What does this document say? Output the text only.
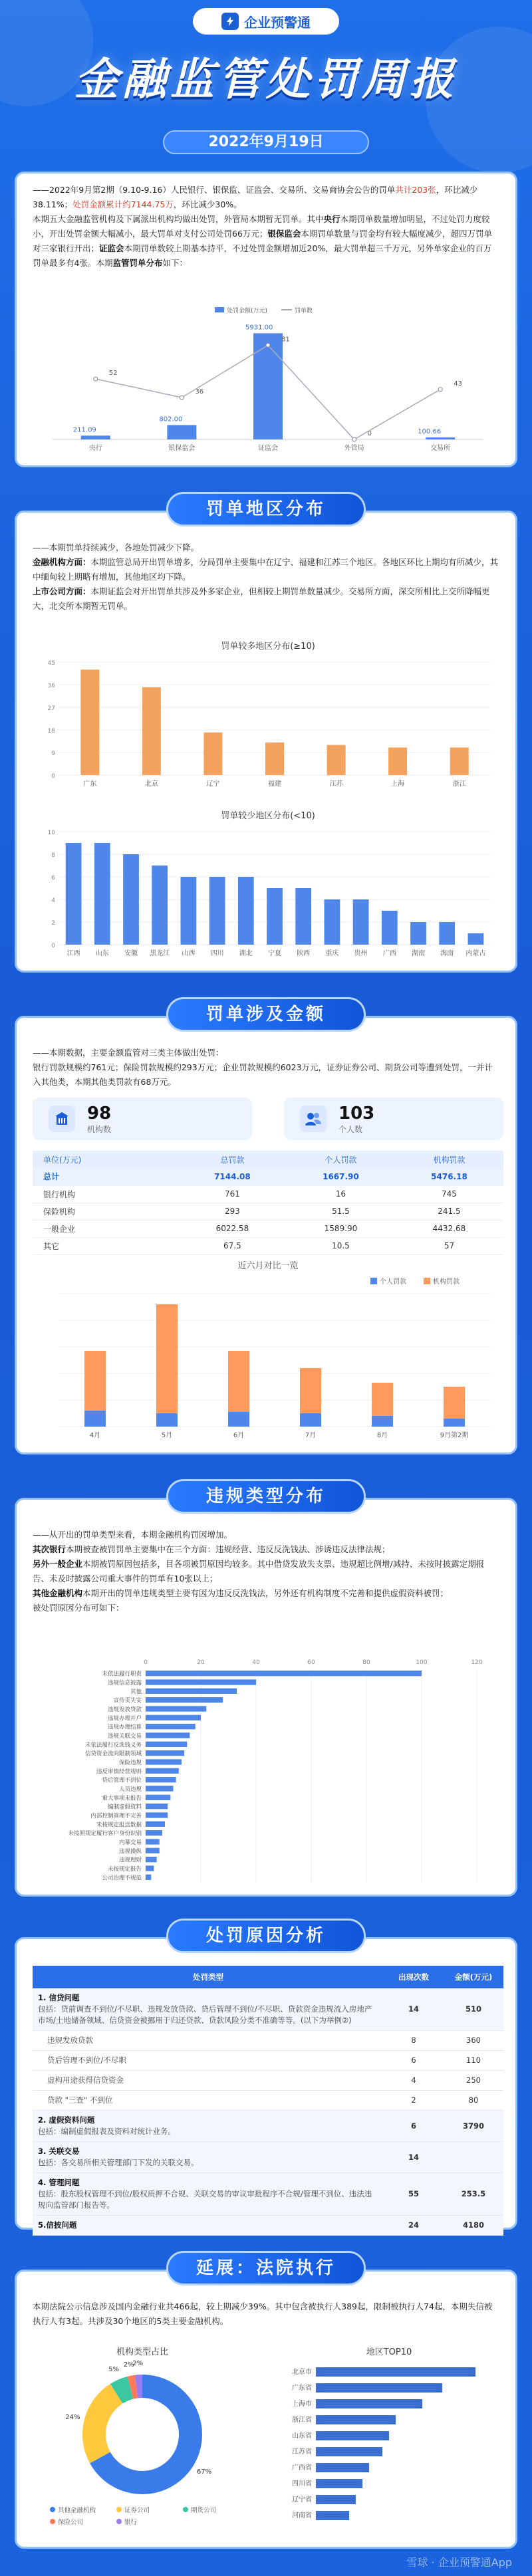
企业预警通
金融监管处罚周报
2022年9月19日

——2022年9月第2期（9.10-9.16）人民银行、银保监、证监会、交易所、交易商协会公告的罚单共计203张，环比减少38.11%；处罚金额累计约7144.75万，环比减少30%。

本期五大金融监管机构及下属派出机构均做出处罚，外管局本期暂无罚单。其中央行本期罚单数量增加明显，不过处罚力度较小，开出处罚金额大幅减小，最大罚单对支付公司处罚66万元；银保监会本期罚单数量与罚金均有较大幅度减少，超四万罚单对三家银行开出；证监会本期罚单数较上期基本持平，不过处罚金额增加近20%，最大罚单超三千万元，另外单家企业的百万罚单最多有4张。本期监管罚单分布如下：

处罚金额(万元)	罚单数
211.09
央行
52
802.00
银保监会
36
5931.00
证监会
81
外管局
0	100.66
交易所
43
罚单地区分布

——本期罚单持续减少，各地处罚减少下降。

金融机构方面：本期监管总局开出罚单增多，分局罚单主要集中在辽宁、福建和江苏三个地区。各地区环比上期均有所减少，其中缅甸较上期略有增加，其他地区均下降。

上市公司方面：本期证监会对开出罚单共涉及外多家企业，但相较上期罚单数量减少。交易所方面，深交所相比上交所降幅更大，北交所本期暂无罚单。

罚单较多地区分布(≥10)
0
9
18
27
36
45
广东	北京	辽宁	福建	江苏	上海	浙江
罚单较少地区分布(<10)
0
2
4
6
8
10
江西 山东 安徽 黑龙江 山西 四川 湖北 宁夏 陕西 重庆 贵州 广西 湖南 海南 内蒙古
罚单涉及金额

——本期数据，主要金额监管对三类主体做出处罚：

银行罚款规模约761元；保险罚款规模约293万元；企业罚款规模约6023万元，证券证券公司、期货公司等遭到处罚，一并计入其他类，本期其他类罚款有68万元。

98
机构数
103
个人数
单位(万元)	总罚款	个人罚款	机构罚款
总计	7144.08	1667.90	5476.18
银行机构	761	16	745
保险机构	293	51.5	241.5
一般企业	6022.58	1589.90	4432.68
其它	67.5	10.5	57
近六月对比一览
个人罚款	机构罚款
4月	5月	6月	7月	8月	9月第2期
违规类型分布

——从开出的罚单类型来看，本期金融机构罚因增加。

其次银行本期被查被罚罚单主要集中在三个方面：违规经营、违反反洗钱法、涉诱违反法律法规；

另外一般企业本期被罚原因包括多，目各项被罚原因均较多。其中借贷发放失支票、违规超比例增/减持、未按时披露定期报告、未及时披露公司重大事件的罚单有10张以上；

其他金融机构本期开出的罚单违规类型主要有因为违反反洗钱法，另外还有机构制度不完善和提供虚假资料被罚；

被处罚原因分布可如下：

0	20	40	60	80	100	120
未依法履行职责
违规信息披露
其他
宣传页失实
违规发放贷款
违规办理开户
违规办理结算
违规关联交易
未依法履行反洗钱义务
信贷资金流向限制领域
保险违规
违反审慎经营规则
贷后管理不到位
人员违规
重大事项未报告
编制虚假资料
内部控制管理不完善
未按规定报送数据
未按照规定履行客户身份识别
内幕交易
违规操纵
违规理财
未按规定报告
公司治理不规范
处罚原因分析
处罚类型	出现次数	金额(万元)

1. 信贷问题
包括：贷前调查不到位/不尽职、违规发放贷款、贷后管理不到位/不尽职、贷款资金违规流入房地产市场/土地储备领域、信贷资金被挪用于归还贷款、贷款风险分类不准确等等。(以下为举例②)	14	510

违规发放贷款	8	360

贷后管理不到位/不尽职	6	110

虚构用途获得信贷资金	4	250

贷款 "三查" 不到位	2	80

2. 虚假资料问题
包括：编制虚假报表及资料对统计业务。	6	3790

3. 关联交易
包括：各交易所相关管理部门下发的关联交易。	14	

4. 管理问题
包括：股东股权管理不到位/股权质押不合规、关联交易的审议审批程序不合规/管理不到位、违法违规向监管部门报告等。	55	253.5

5.信披问题	24	4180
延展：法院执行

本期法院公示信息涉及国内金融行业共466起，较上期减少39%。其中包含被执行人389起，限制被执行人74起，本期失信被执行人有3起。共涉及30个地区的5类主要金融机构。

机构类型占比
67%
24%
5%
2%
2%
其他金融机构	证券公司	期货公司
保险公司	银行
地区TOP10
北京市
广东省
上海市
浙江省
山东省
江苏省
广西省
四川省
辽宁省
河南省
雪球 · 企业预警通App
